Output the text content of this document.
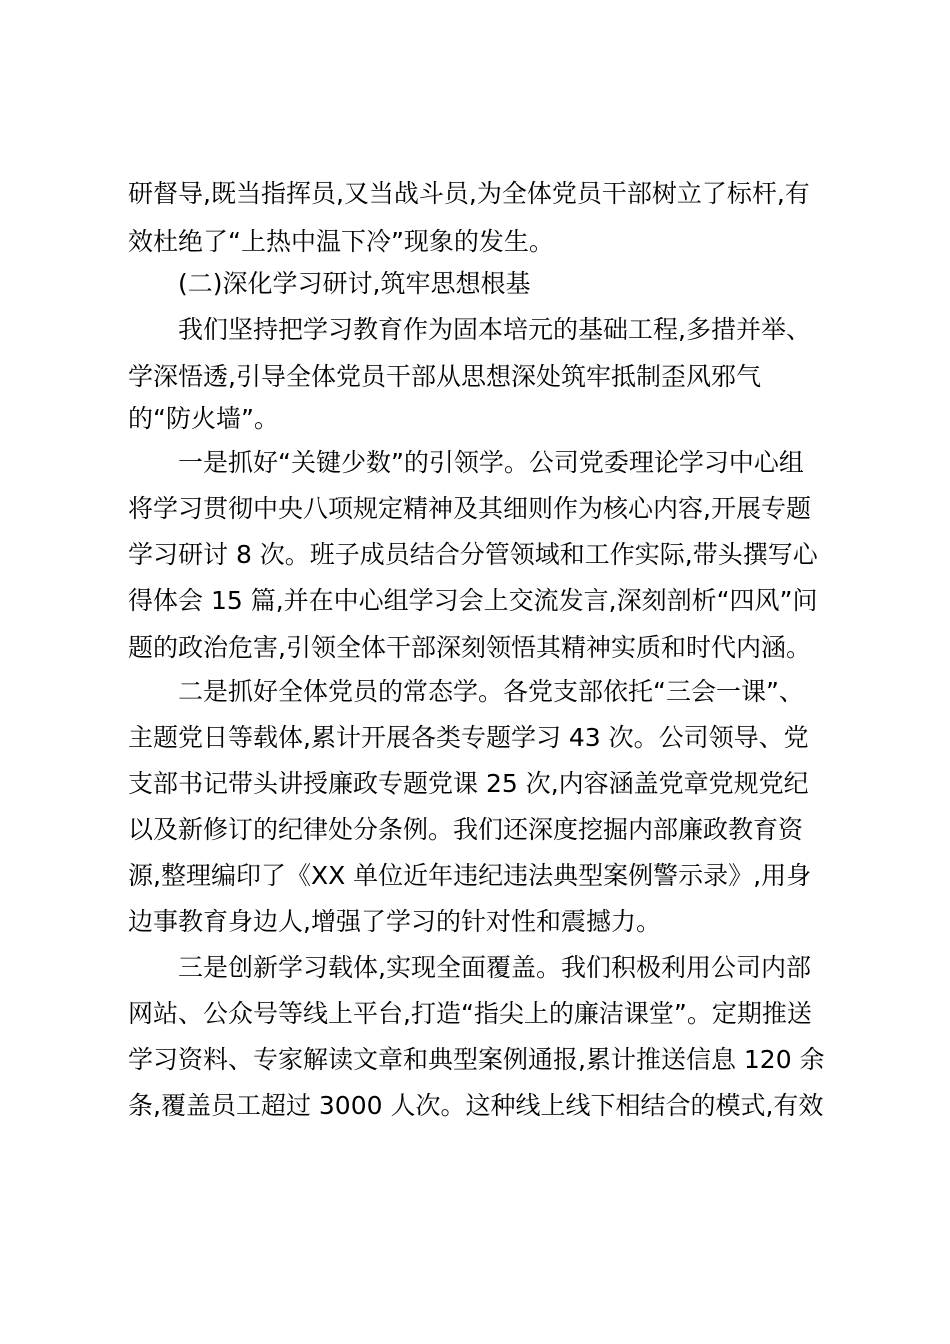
研督导,既当指挥员,又当战斗员,为全体党员干部树立了标杆,有
效杜绝了“上热中温下冷”现象的发生。
(二)深化学习研讨,筑牢思想根基
我们坚持把学习教育作为固本培元的基础工程,多措并举、
学深悟透,引导全体党员干部从思想深处筑牢抵制歪风邪气
的“防火墙”。
一是抓好“关键少数”的引领学。公司党委理论学习中心组
将学习贯彻中央八项规定精神及其细则作为核心内容,开展专题
学习研讨 8 次。班子成员结合分管领域和工作实际,带头撰写心
得体会 15 篇,并在中心组学习会上交流发言,深刻剖析“四风”问
题的政治危害,引领全体干部深刻领悟其精神实质和时代内涵。
二是抓好全体党员的常态学。各党支部依托“三会一课”、
主题党日等载体,累计开展各类专题学习 43 次。公司领导、党
支部书记带头讲授廉政专题党课 25 次,内容涵盖党章党规党纪
以及新修订的纪律处分条例。我们还深度挖掘内部廉政教育资
源,整理编印了《XX 单位近年违纪违法典型案例警示录》,用身
边事教育身边人,增强了学习的针对性和震撼力。
三是创新学习载体,实现全面覆盖。我们积极利用公司内部
网站、公众号等线上平台,打造“指尖上的廉洁课堂”。定期推送
学习资料、专家解读文章和典型案例通报,累计推送信息 120 余
条,覆盖员工超过 3000 人次。这种线上线下相结合的模式,有效
